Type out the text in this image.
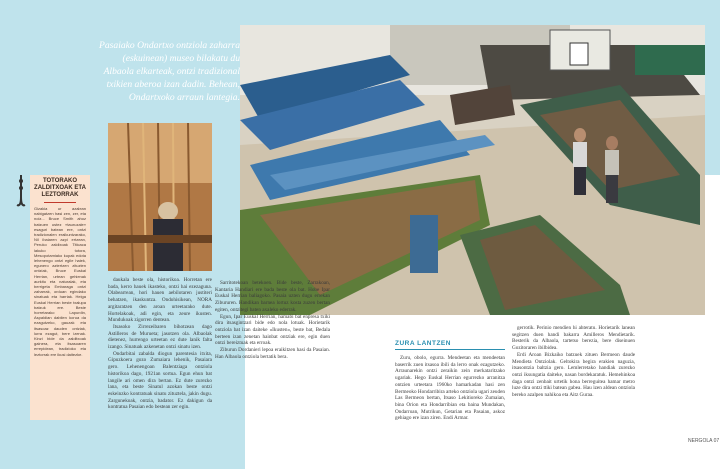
Pasaiako Ondartxo ontziola zaharra (eskuinean) museo bilakatu du Albaola elkarteak, ontzi tradizional txikien aberoa izan dadin. Behean, Ondartxoko arraun lantegia.
TOTORAKO ZALDITXOAK ETA LEZTORRAK
Gizakia ur azalean nabigatzen hasi zen, zer, eta noiz... Bruce Smith ahoz batzuen ustez «tauruzale» esaguri batean ere, ontzi tradizionalen eraikuntzarako, Nil ibaiaren azpi ertzean, Peruko zaldixoak Titicaca lakuko totora, Mesopotamiako kupak edota lehenengo ontzi egile haiek, egunero aztertzen zituzten ontziak, Bruce Euskal Herrian, urtean gehienak aurkitu eta naturalak, eta berrigeta Embaraga ontzi zaharrak, orduan egindako sinatuak eta harriak. Heiga Euskal Herrian beste txalupa batzuk ere. Beste horretarako Lapurdin, Aspaldian dabilen korua da ezagutzeko, gauzak eta itsasoaz dauden ontziak, lurra ezagut, bere izenak. Kinzi bide da zalditxoak gainera, eta itsasoaren errepidean, tradizioko eta leztorrak ere ikusi daitezke.

daukala beste ola, historikoa. Horretan ere bada, kerro hauek ikasteko, ontzi hai ezezaguna. Olabearrean, hori hauen aebilotaren justiteri behatzen, ikaskuntza. Ondohisikean, NORA argitaratzen den aroan urteetarako dute. Hortelakoak, adi egin, eta zeure ikusten. Mundukoak zigorren dentean.

Itsasoko Zirrezeibaren bihotzean dago Astilleros de Murueta; jasotzen ola. Albaolak dietenez, hurrengo urteetan ez dute lanik falta izango. Sinatuak azkenetan ontzi sinatu izen.

Ondarbitai zabalda diogun parentesia itxita, Gipuzkoera gozo Zumaiara lehenik, Pasaiara gero. Lehenengoan Balentziaga ontziola historikoa dago, 1921an sortua. Egun ehun bat langile ari omen dira bertan. Ez dute zurezko lana, eta beste Sinatul azokan beste ontzi eskeinzko kontratuak sinatu zituztela, jakin dugu. Zargunekoak, ontzia, badator. Ez dakigun da kontratua Pasaian edo bestean zer egin.

Sarritotekoan betekoen. Bide beste, Zarrakoan, Kantaria Handiari ere bada beste ola bat. Hobe Ipar Euskal Herrian baliagoko. Pasaia uzten dugu errekan Zibururen. Handikan barnea lortuz kosta zuzen bertan egiten, ontzitegi baten axaleko ederrak.

Egun, Ipar Euskal Herrian, hamabi bat enpresa txiki dira itsasgintzari bide edo nola lotuak. Horietarik ontziola bat izan daiteke «Ikusten», beste bat, Bedala berteen izan zenetan hainbat ontziak ere, egin duen ontzi bereiztuak eta erroak.

Ziburun Dordanieri lepoa eraikitzen hasi da Pasaian. Han Albaola ontziola bertatik bera.

ZURA LANTZEN

Zuru, obolo, egurra. Mendeetan eta mendeetan baserrik zuen itsasoa ibili da lerro onak ezagutzeko. Arraunarekin ontzi zeraikin zein merkataritzako ugariak. Hego Euskal Herrian egurrezko arranitza ontzien urteetara 1960ko hamarkadan hasi zen Bermeoko Hondarribira arteko ontziola ugari zeuden Las Bermeon bertan, Itsaso Lekitioreko Zumaian, bina Orion eta Hondarribian eta baina Mundakan, Ondarroan, Mutrikun, Getarian eta Pasaian, askoz gehiago ere izan ziren. Endi Armar.

gerrotik. Perinio mendien hi ahteratu. Horietarik lanean segitzen duen handi bakarra Amilleros Mendietarik. Besterik da Albaola, tartetso berezia, bere diseinuen Gozitoraren ibilbidea.

Erdi Aroan Bizkaiko batzuek zituen Bermeon daude Mendieta Ontziolak. Geltokira begira erakien naguzia, itsasontzia baltzia gero. Lemlerretako handiak zurezko ontzi iksungatia daiteke, nasan bordekaratuk. Hemehinkoa daga ontzi zenbait urtetik hona berreguitea hamar metro luze dira ontzi ttiki batean gabea. Hau izen aldean ontziola bereko azalpen nahikoa eta Aitz Guraa.

NERGOLA 07
